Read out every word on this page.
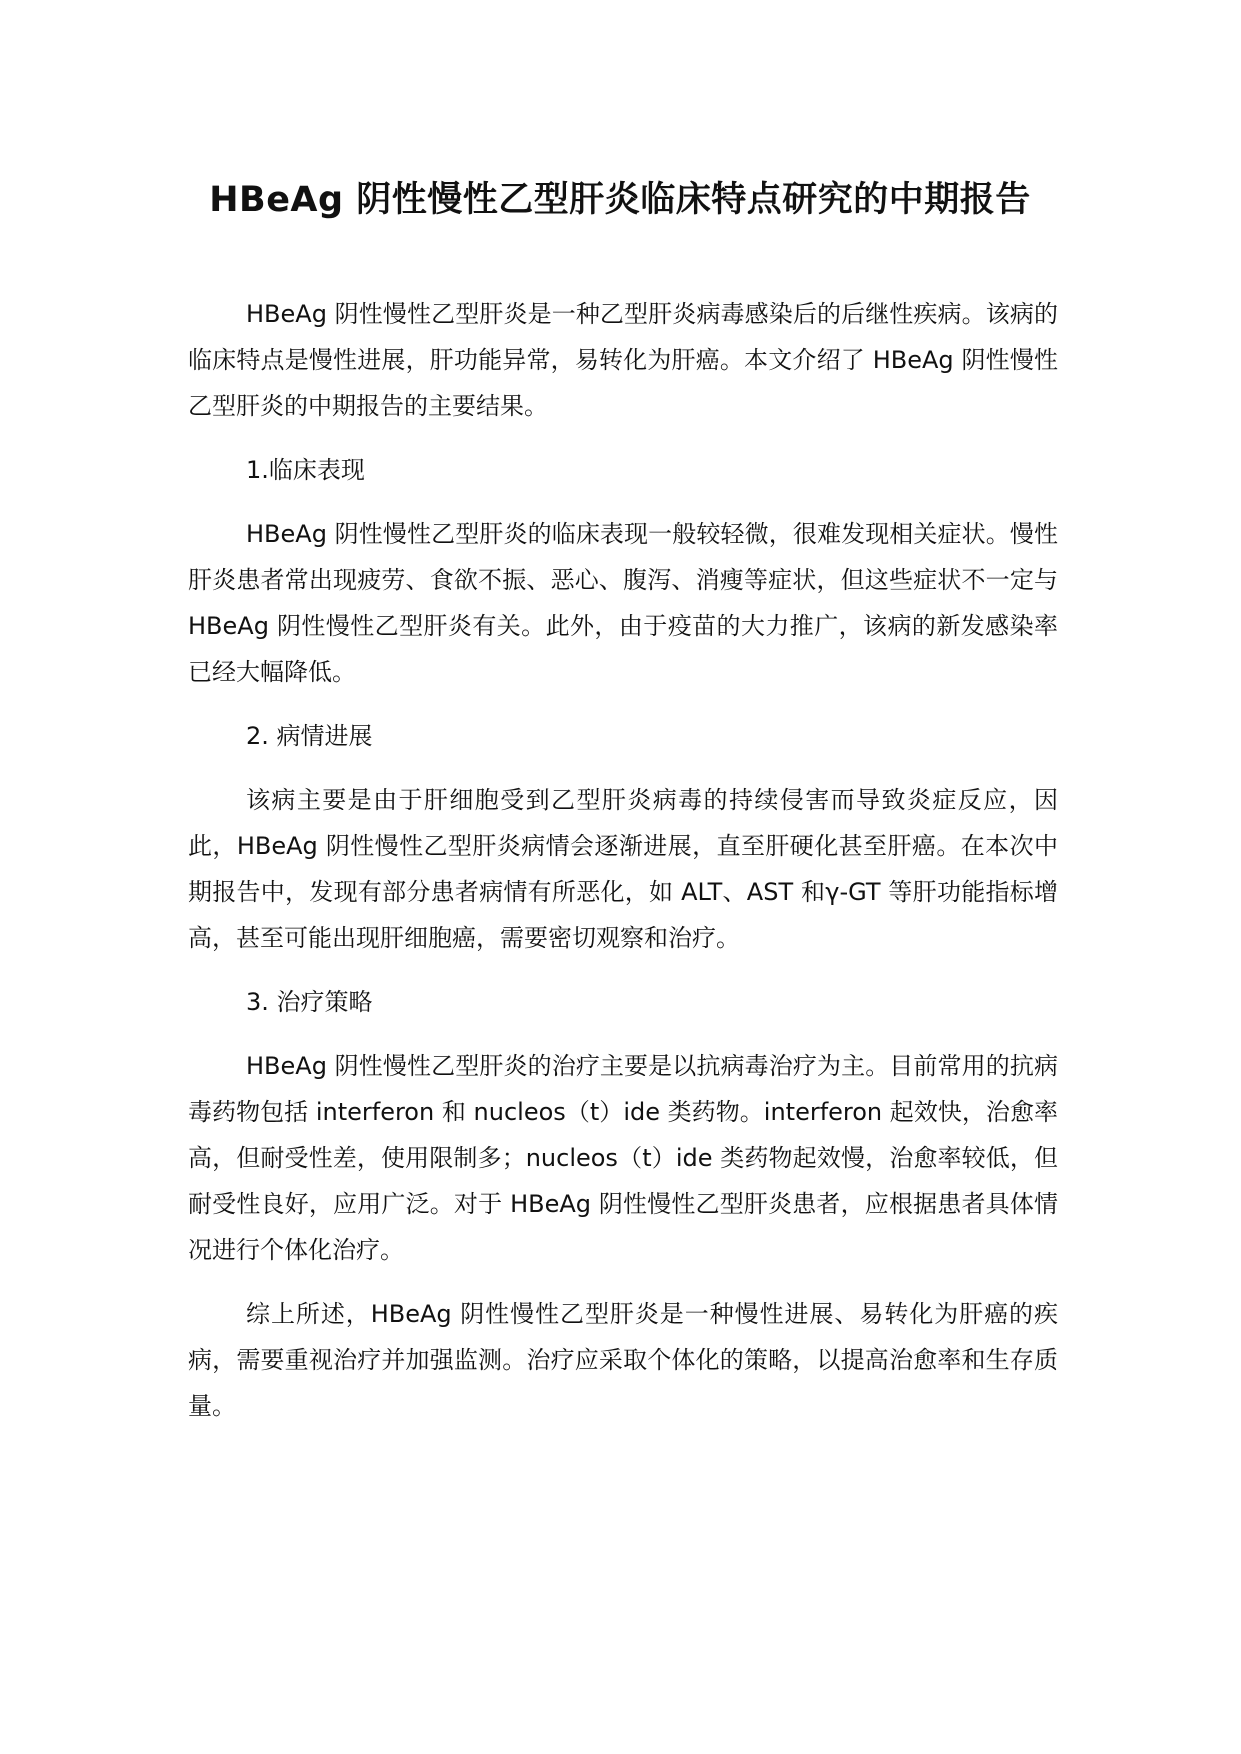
HBeAg 阴性慢性乙型肝炎临床特点研究的中期报告

HBeAg 阴性慢性乙型肝炎是一种乙型肝炎病毒感染后的后继性疾病。该病的临床特点是慢性进展，肝功能异常，易转化为肝癌。本文介绍了 HBeAg 阴性慢性乙型肝炎的中期报告的主要结果。

1.临床表现

HBeAg 阴性慢性乙型肝炎的临床表现一般较轻微，很难发现相关症状。慢性肝炎患者常出现疲劳、食欲不振、恶心、腹泻、消瘦等症状，但这些症状不一定与 HBeAg 阴性慢性乙型肝炎有关。此外，由于疫苗的大力推广，该病的新发感染率已经大幅降低。

2. 病情进展

该病主要是由于肝细胞受到乙型肝炎病毒的持续侵害而导致炎症反应，因此，HBeAg 阴性慢性乙型肝炎病情会逐渐进展，直至肝硬化甚至肝癌。在本次中期报告中，发现有部分患者病情有所恶化，如 ALT、AST 和γ-GT 等肝功能指标增高，甚至可能出现肝细胞癌，需要密切观察和治疗。

3. 治疗策略

HBeAg 阴性慢性乙型肝炎的治疗主要是以抗病毒治疗为主。目前常用的抗病毒药物包括 interferon 和 nucleos（t）ide 类药物。interferon 起效快，治愈率高，但耐受性差，使用限制多；nucleos（t）ide 类药物起效慢，治愈率较低，但耐受性良好，应用广泛。对于 HBeAg 阴性慢性乙型肝炎患者，应根据患者具体情况进行个体化治疗。

综上所述，HBeAg 阴性慢性乙型肝炎是一种慢性进展、易转化为肝癌的疾病，需要重视治疗并加强监测。治疗应采取个体化的策略，以提高治愈率和生存质量。
